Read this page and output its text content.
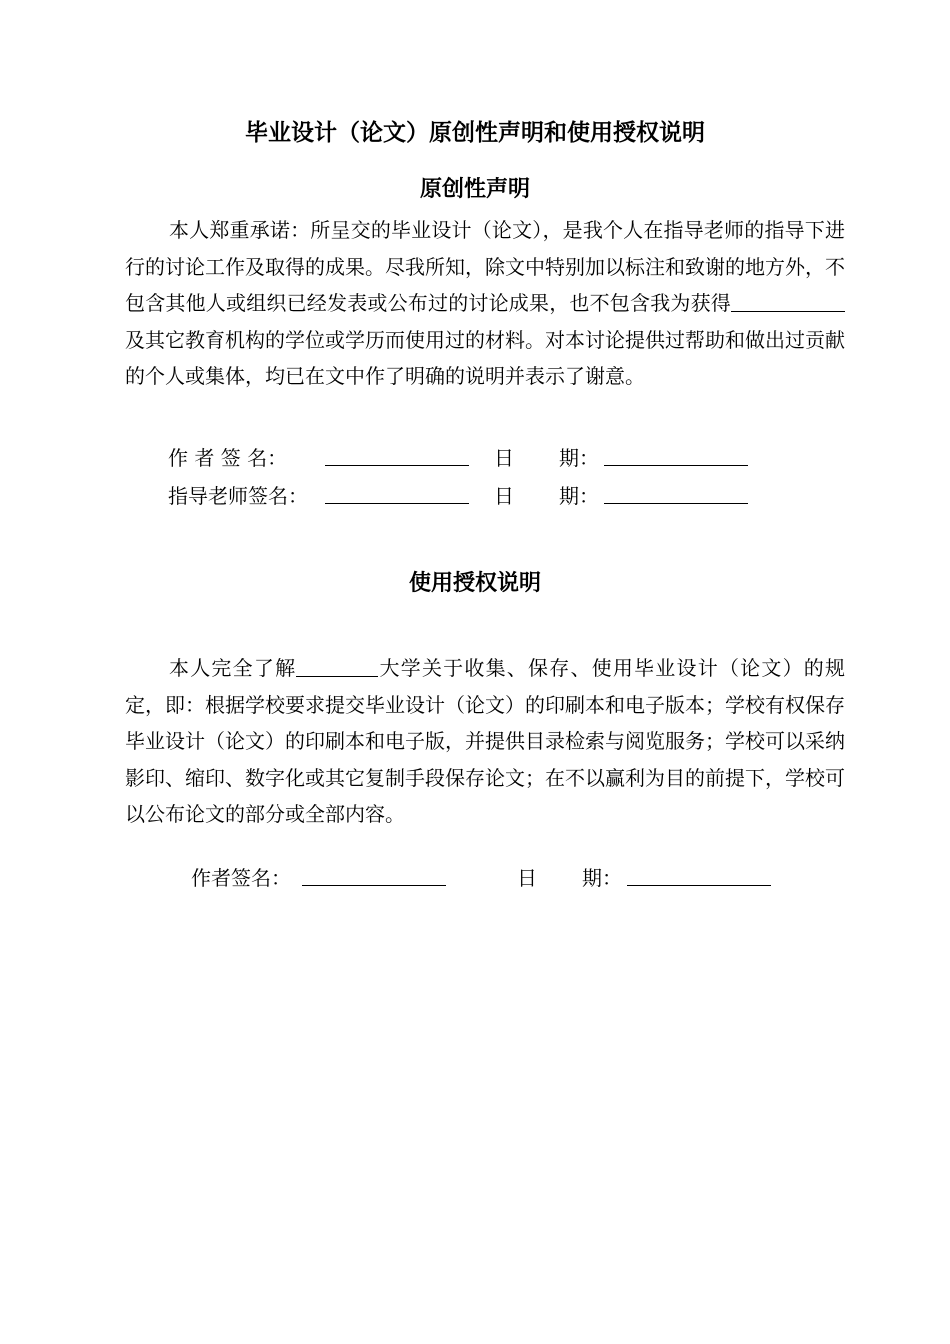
毕业设计（论文）原创性声明和使用授权说明
原创性声明

本人郑重承诺：所呈交的毕业设计（论文），是我个人在指导老师的指导下进行的讨论工作及取得的成果。尽我所知，除文中特别加以标注和致谢的地方外，不包含其他人或组织已经发表或公布过的讨论成果，也不包含我为获得及其它教育机构的学位或学历而使用过的材料。对本讨论提供过帮助和做出过贡献的个人或集体，均已在文中作了明确的说明并表示了谢意。

作 者 签 名：	日 期：
指导老师签名：	日 期：
使用授权说明

本人完全了解	大学关于收集、保存、使用毕业设计（论文）的规定，即：根据学校要求提交毕业设计（论文）的印刷本和电子版本；学校有权保存毕业设计（论文）的印刷本和电子版，并提供目录检索与阅览服务；学校可以采纳影印、缩印、数字化或其它复制手段保存论文；在不以赢利为目的前提下，学校可以公布论文的部分或全部内容。

作者签名：	日 期：
